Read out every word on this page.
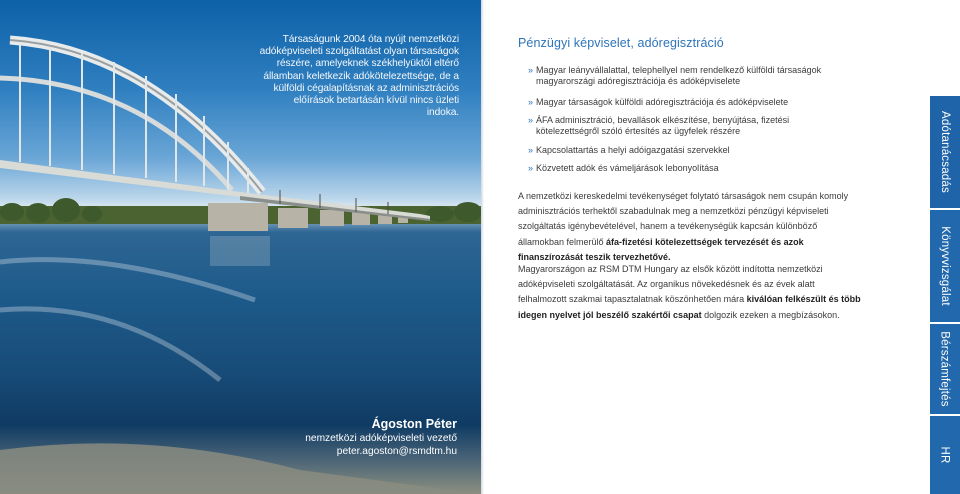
Társaságunk 2004 óta nyújt nemzetközi adóképviseleti szolgáltatást olyan társaságok részére, amelyeknek székhelyüktől eltérő államban keletkezik adókötelezettsége, de a külföldi cégalapításnak az adminisztrációs előírások betartásán kívül nincs üzleti indoka.
Ágoston Péter
nemzetközi adóképviseleti vezető
peter.agoston@rsmdtm.hu
Pénzügyi képviselet, adóregisztráció
» Magyar leányvállalattal, telephellyel nem rendelkező külföldi társaságok magyarországi adóregisztrációja és adóképviselete
» Magyar társaságok külföldi adóregisztrációja és adóképviselete
» ÁFA adminisztráció, bevallások elkészítése, benyújtása, fizetési kötelezettségről szóló értesítés az ügyfelek részére
» Kapcsolattartás a helyi adóigazgatási szervekkel
» Közvetett adók és vámeljárások lebonyolítása

A nemzetközi kereskedelmi tevékenységet folytató társaságok nem csupán komoly adminisztrációs terhektől szabadulnak meg a nemzetközi pénzügyi képviseleti szolgáltatás igénybevételével, hanem a tevékenységük kapcsán különböző államokban felmerülő áfa-fizetési kötelezettségek tervezését és azok finanszírozását teszik tervezhetővé.

Magyarországon az RSM DTM Hungary az elsők között indította nemzetközi adóképviseleti szolgáltatását. Az organikus növekedésnek és az évek alatt felhalmozott szakmai tapasztalatnak köszönhetően mára kiválóan felkészült és több idegen nyelvet jól beszélő szakértői csapat dolgozik ezeken a megbízásokon.

Adótanácsadás
Könyvvizsgálat
Bérszámfejtés
HR
